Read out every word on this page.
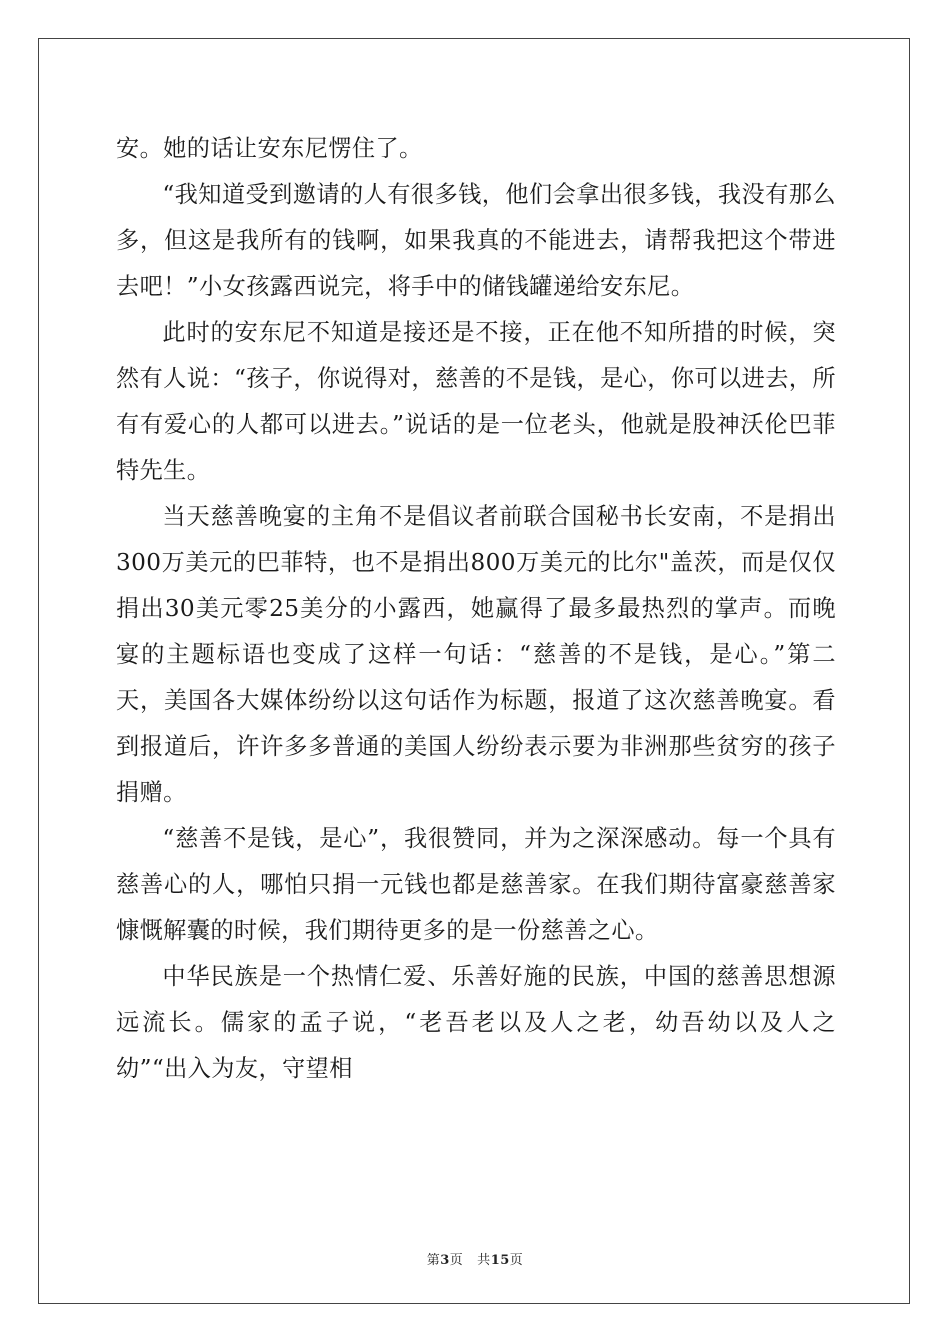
安。她的话让安东尼愣住了。

“我知道受到邀请的人有很多钱，他们会拿出很多钱，我没有那么多，但这是我所有的钱啊，如果我真的不能进去，请帮我把这个带进去吧！”小女孩露西说完，将手中的储钱罐递给安东尼。

此时的安东尼不知道是接还是不接，正在他不知所措的时候，突然有人说：“孩子，你说得对，慈善的不是钱，是心，你可以进去，所有有爱心的人都可以进去。”说话的是一位老头，他就是股神沃伦巴菲特先生。

当天慈善晚宴的主角不是倡议者前联合国秘书长安南，不是捐出300万美元的巴菲特，也不是捐出800万美元的比尔"盖茨，而是仅仅捐出30美元零25美分的小露西，她赢得了最多最热烈的掌声。而晚宴的主题标语也变成了这样一句话：“慈善的不是钱，是心。”第二天，美国各大媒体纷纷以这句话作为标题，报道了这次慈善晚宴。看到报道后，许许多多普通的美国人纷纷表示要为非洲那些贫穷的孩子捐赠。

“慈善不是钱，是心”，我很赞同，并为之深深感动。每一个具有慈善心的人，哪怕只捐一元钱也都是慈善家。在我们期待富豪慈善家慷慨解囊的时候，我们期待更多的是一份慈善之心。

中华民族是一个热情仁爱、乐善好施的民族，中国的慈善思想源远流长。儒家的孟子说，“老吾老以及人之老，幼吾幼以及人之幼”“出入为友，守望相

第3页 共15页
